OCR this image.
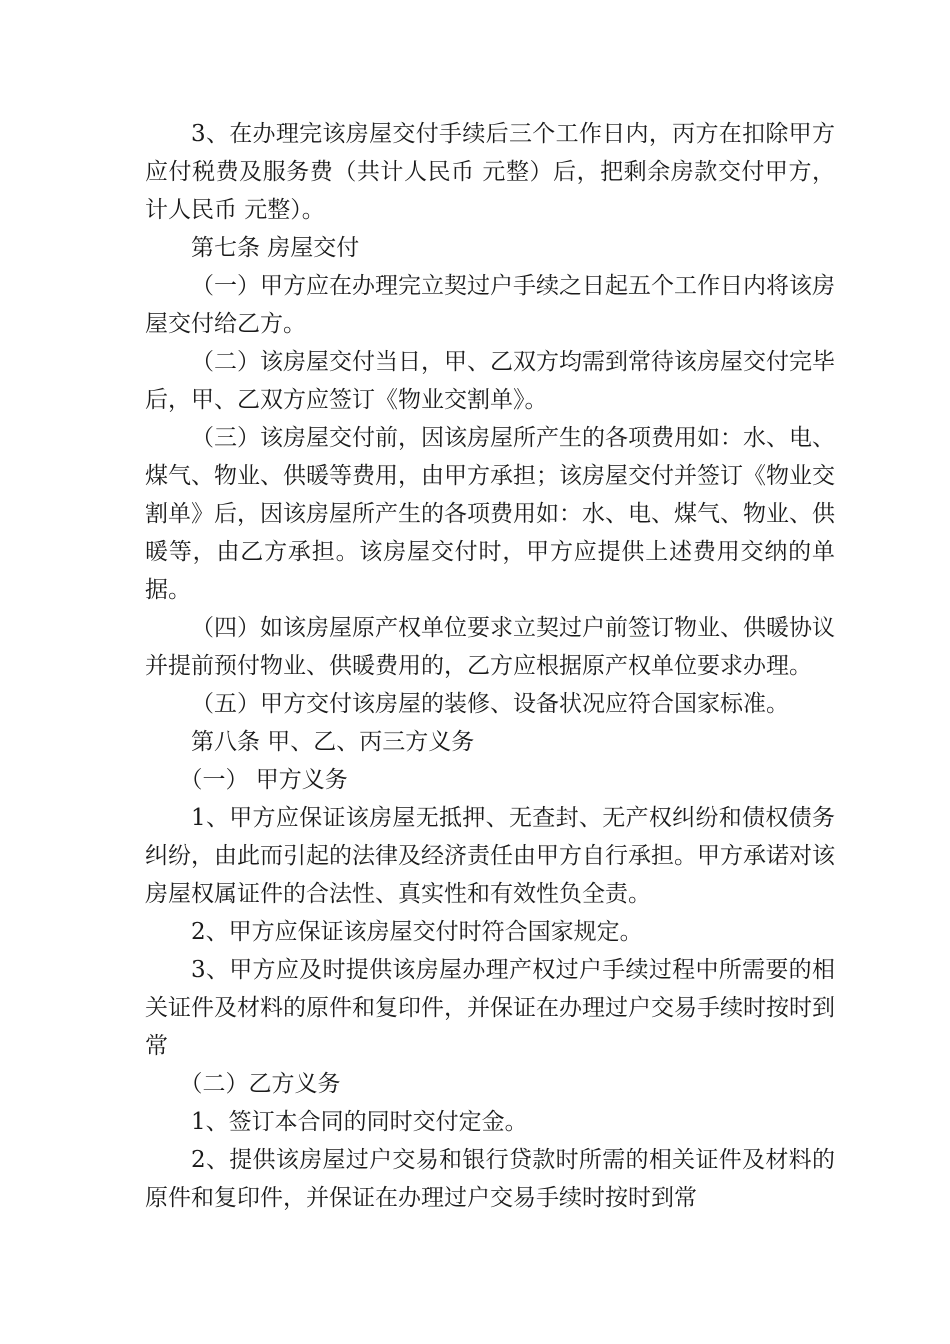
3、在办理完该房屋交付手续后三个工作日内，丙方在扣除甲方应付税费及服务费（共计人民币 元整）后，把剩余房款交付甲方，计人民币 元整）。

第七条 房屋交付

（一）甲方应在办理完立契过户手续之日起五个工作日内将该房屋交付给乙方。

（二）该房屋交付当日，甲、乙双方均需到常待该房屋交付完毕后，甲、乙双方应签订《物业交割单》。

（三）该房屋交付前，因该房屋所产生的各项费用如：水、电、煤气、物业、供暖等费用，由甲方承担；该房屋交付并签订《物业交割单》后，因该房屋所产生的各项费用如：水、电、煤气、物业、供暖等，由乙方承担。该房屋交付时，甲方应提供上述费用交纳的单据。

（四）如该房屋原产权单位要求立契过户前签订物业、供暖协议并提前预付物业、供暖费用的，乙方应根据原产权单位要求办理。

（五）甲方交付该房屋的装修、设备状况应符合国家标准。

第八条 甲、乙、丙三方义务

（一） 甲方义务

1、甲方应保证该房屋无抵押、无查封、无产权纠纷和债权债务纠纷，由此而引起的法律及经济责任由甲方自行承担。甲方承诺对该房屋权属证件的合法性、真实性和有效性负全责。

2、甲方应保证该房屋交付时符合国家规定。

3、甲方应及时提供该房屋办理产权过户手续过程中所需要的相关证件及材料的原件和复印件，并保证在办理过户交易手续时按时到常

（二）乙方义务

1、签订本合同的同时交付定金。

2、提供该房屋过户交易和银行贷款时所需的相关证件及材料的原件和复印件，并保证在办理过户交易手续时按时到常
